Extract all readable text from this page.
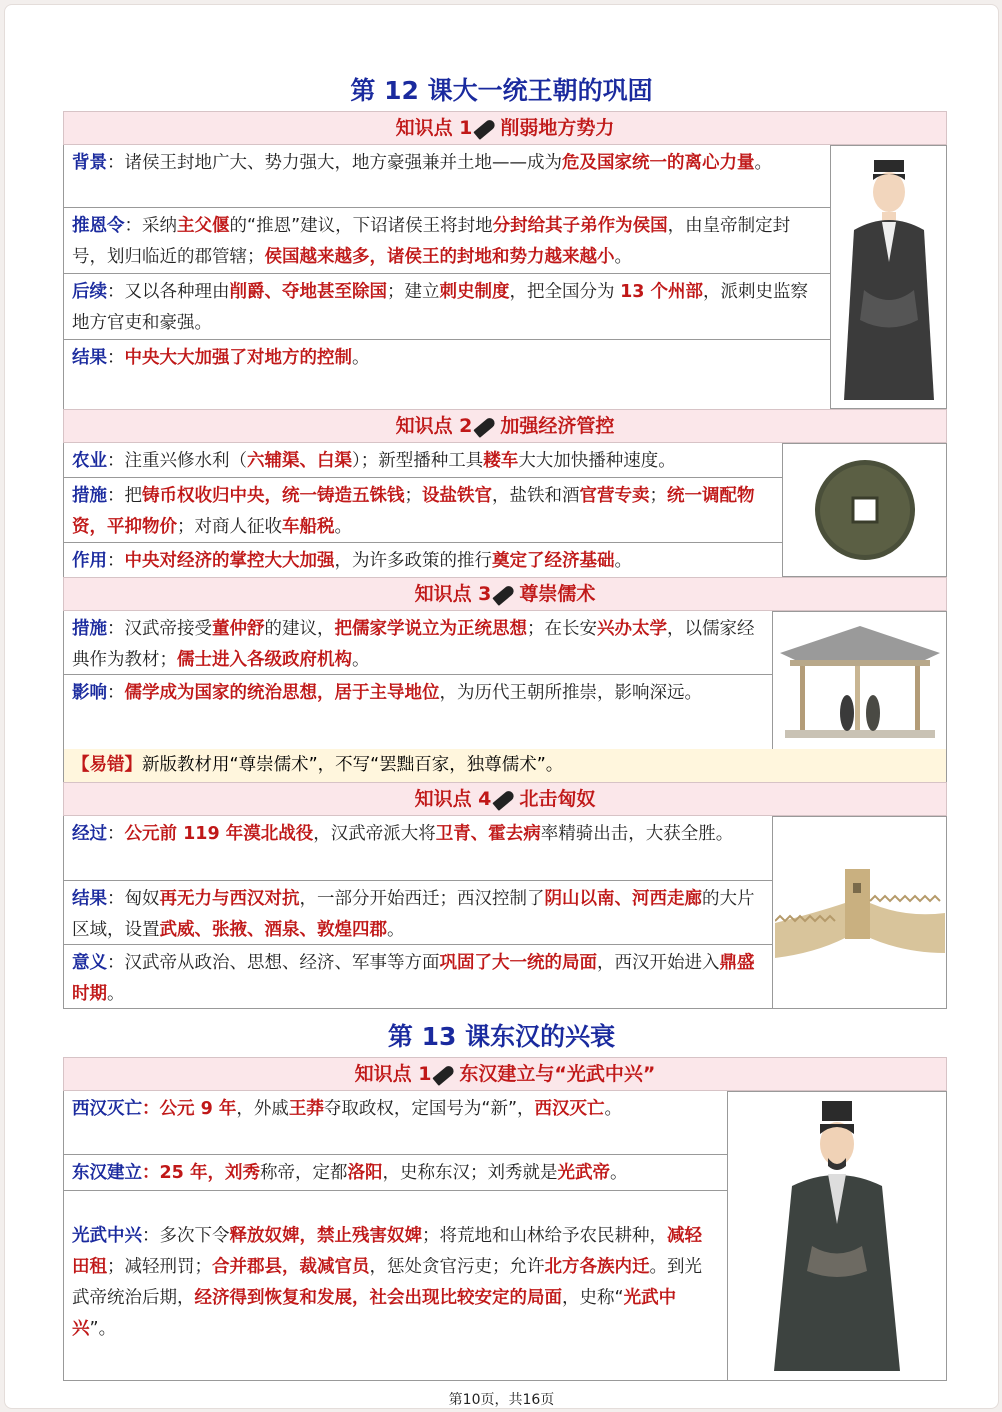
第 12 课大一统王朝的巩固
知识点 1 削弱地方势力
背景：诸侯王封地广大、势力强大，地方豪强兼并土地——成为危及国家统一的离心力量。
推恩令：采纳主父偃的“推恩”建议，下诏诸侯王将封地分封给其子弟作为侯国，由皇帝制定封号，划归临近的郡管辖；侯国越来越多，诸侯王的封地和势力越来越小。
后续：又以各种理由削爵、夺地甚至除国；建立刺史制度，把全国分为 13 个州部，派刺史监察地方官吏和豪强。
结果：中央大大加强了对地方的控制。
知识点 2 加强经济管控
农业：注重兴修水利（六辅渠、白渠）；新型播种工具耧车大大加快播种速度。
措施：把铸币权收归中央，统一铸造五铢钱；设盐铁官，盐铁和酒官营专卖；统一调配物资，平抑物价；对商人征收车船税。
作用：中央对经济的掌控大大加强，为许多政策的推行奠定了经济基础。
知识点 3 尊崇儒术
措施：汉武帝接受董仲舒的建议，把儒家学说立为正统思想；在长安兴办太学，以儒家经典作为教材；儒士进入各级政府机构。
影响：儒学成为国家的统治思想，居于主导地位，为历代王朝所推崇，影响深远。
【易错】新版教材用“尊崇儒术”，不写“罢黜百家，独尊儒术”。
知识点 4 北击匈奴
经过：公元前 119 年漠北战役，汉武帝派大将卫青、霍去病率精骑出击，大获全胜。
结果：匈奴再无力与西汉对抗，一部分开始西迁；西汉控制了阴山以南、河西走廊的大片区域，设置武威、张掖、酒泉、敦煌四郡。
意义：汉武帝从政治、思想、经济、军事等方面巩固了大一统的局面，西汉开始进入鼎盛时期。
第 13 课东汉的兴衰
知识点 1 东汉建立与“光武中兴”
西汉灭亡：公元 9 年，外戚王莽夺取政权，定国号为“新”，西汉灭亡。
东汉建立：25 年，刘秀称帝，定都洛阳，史称东汉；刘秀就是光武帝。
光武中兴：多次下令释放奴婢，禁止残害奴婢；将荒地和山林给予农民耕种，减轻田租；减轻刑罚；合并郡县，裁减官员，惩处贪官污吏；允许北方各族内迁。到光武帝统治后期，经济得到恢复和发展，社会出现比较安定的局面，史称“光武中兴”。
第10页，共16页
